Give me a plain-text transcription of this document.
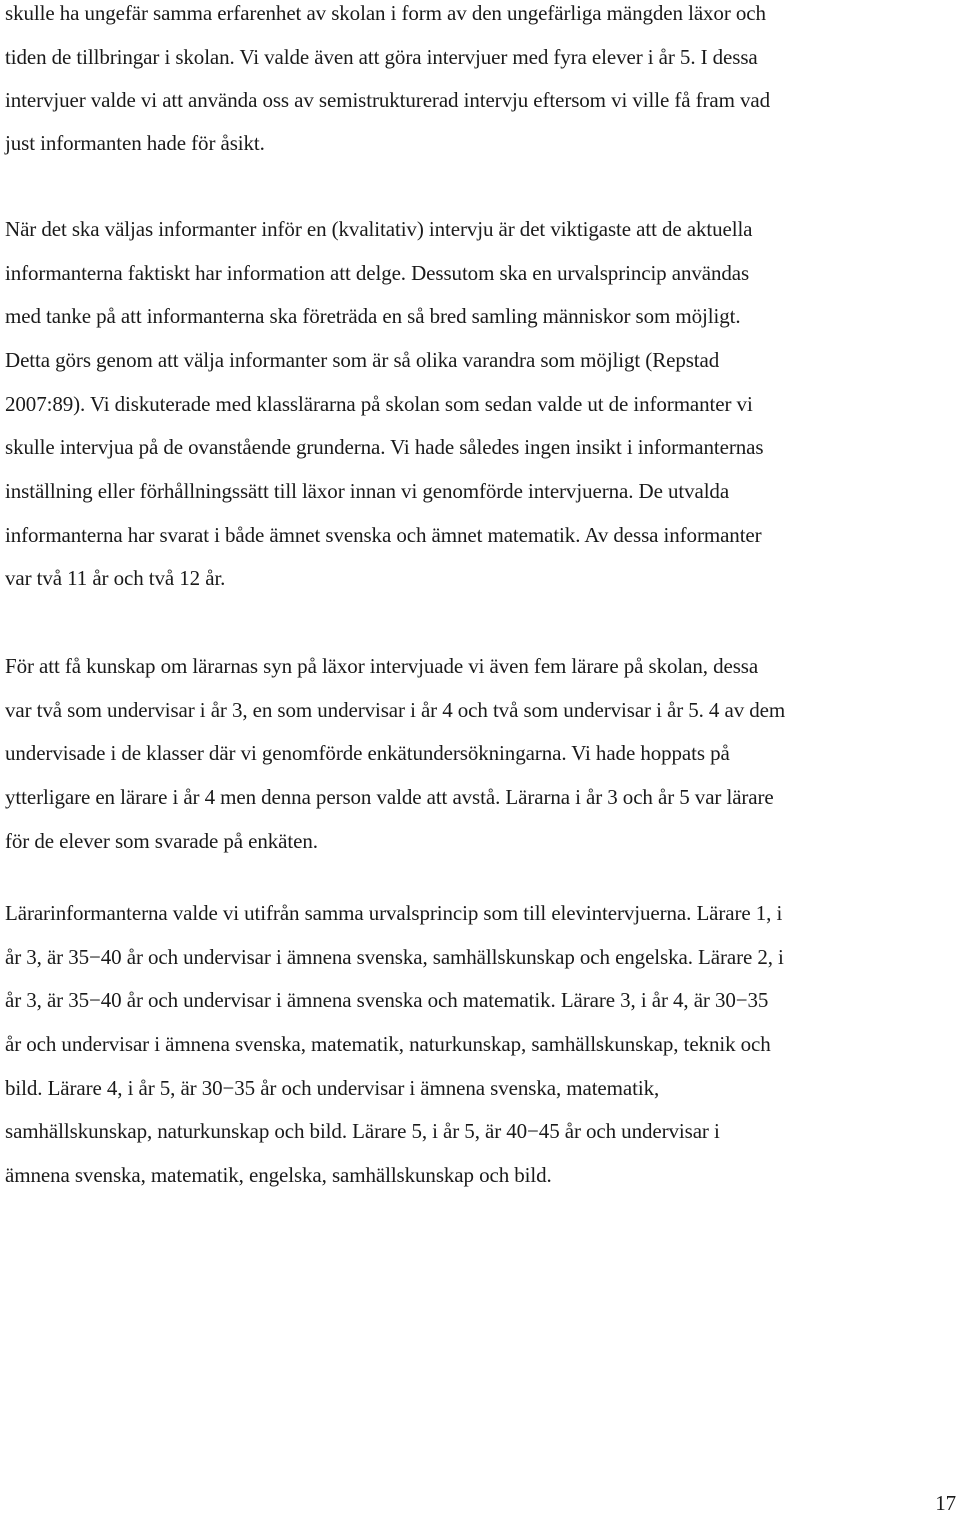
skulle ha ungefär samma erfarenhet av skolan i form av den ungefärliga mängden läxor och
tiden de tillbringar i skolan. Vi valde även att göra intervjuer med fyra elever i år 5. I dessa
intervjuer valde vi att använda oss av semistrukturerad intervju eftersom vi ville få fram vad
just informanten hade för åsikt.
När det ska väljas informanter inför en (kvalitativ) intervju är det viktigaste att de aktuella
informanterna faktiskt har information att delge. Dessutom ska en urvalsprincip användas
med tanke på att informanterna ska företräda en så bred samling människor som möjligt.
Detta görs genom att välja informanter som är så olika varandra som möjligt (Repstad
2007:89). Vi diskuterade med klasslärarna på skolan som sedan valde ut de informanter vi
skulle intervjua på de ovanstående grunderna. Vi hade således ingen insikt i informanternas
inställning eller förhållningssätt till läxor innan vi genomförde intervjuerna. De utvalda
informanterna har svarat i både ämnet svenska och ämnet matematik. Av dessa informanter
var två 11 år och två 12 år.
För att få kunskap om lärarnas syn på läxor intervjuade vi även fem lärare på skolan, dessa
var två som undervisar i år 3, en som undervisar i år 4 och två som undervisar i år 5. 4 av dem
undervisade i de klasser där vi genomförde enkätundersökningarna. Vi hade hoppats på
ytterligare en lärare i år 4 men denna person valde att avstå. Lärarna i år 3 och år 5 var lärare
för de elever som svarade på enkäten.
Lärarinformanterna valde vi utifrån samma urvalsprincip som till elevintervjuerna. Lärare 1, i
år 3, är 35−40 år och undervisar i ämnena svenska, samhällskunskap och engelska. Lärare 2, i
år 3, är 35−40 år och undervisar i ämnena svenska och matematik. Lärare 3, i år 4, är 30−35
år och undervisar i ämnena svenska, matematik, naturkunskap, samhällskunskap, teknik och
bild. Lärare 4, i år 5, är 30−35 år och undervisar i ämnena svenska, matematik,
samhällskunskap, naturkunskap och bild. Lärare 5, i år 5, är 40−45 år och undervisar i
ämnena svenska, matematik, engelska, samhällskunskap och bild.
17
